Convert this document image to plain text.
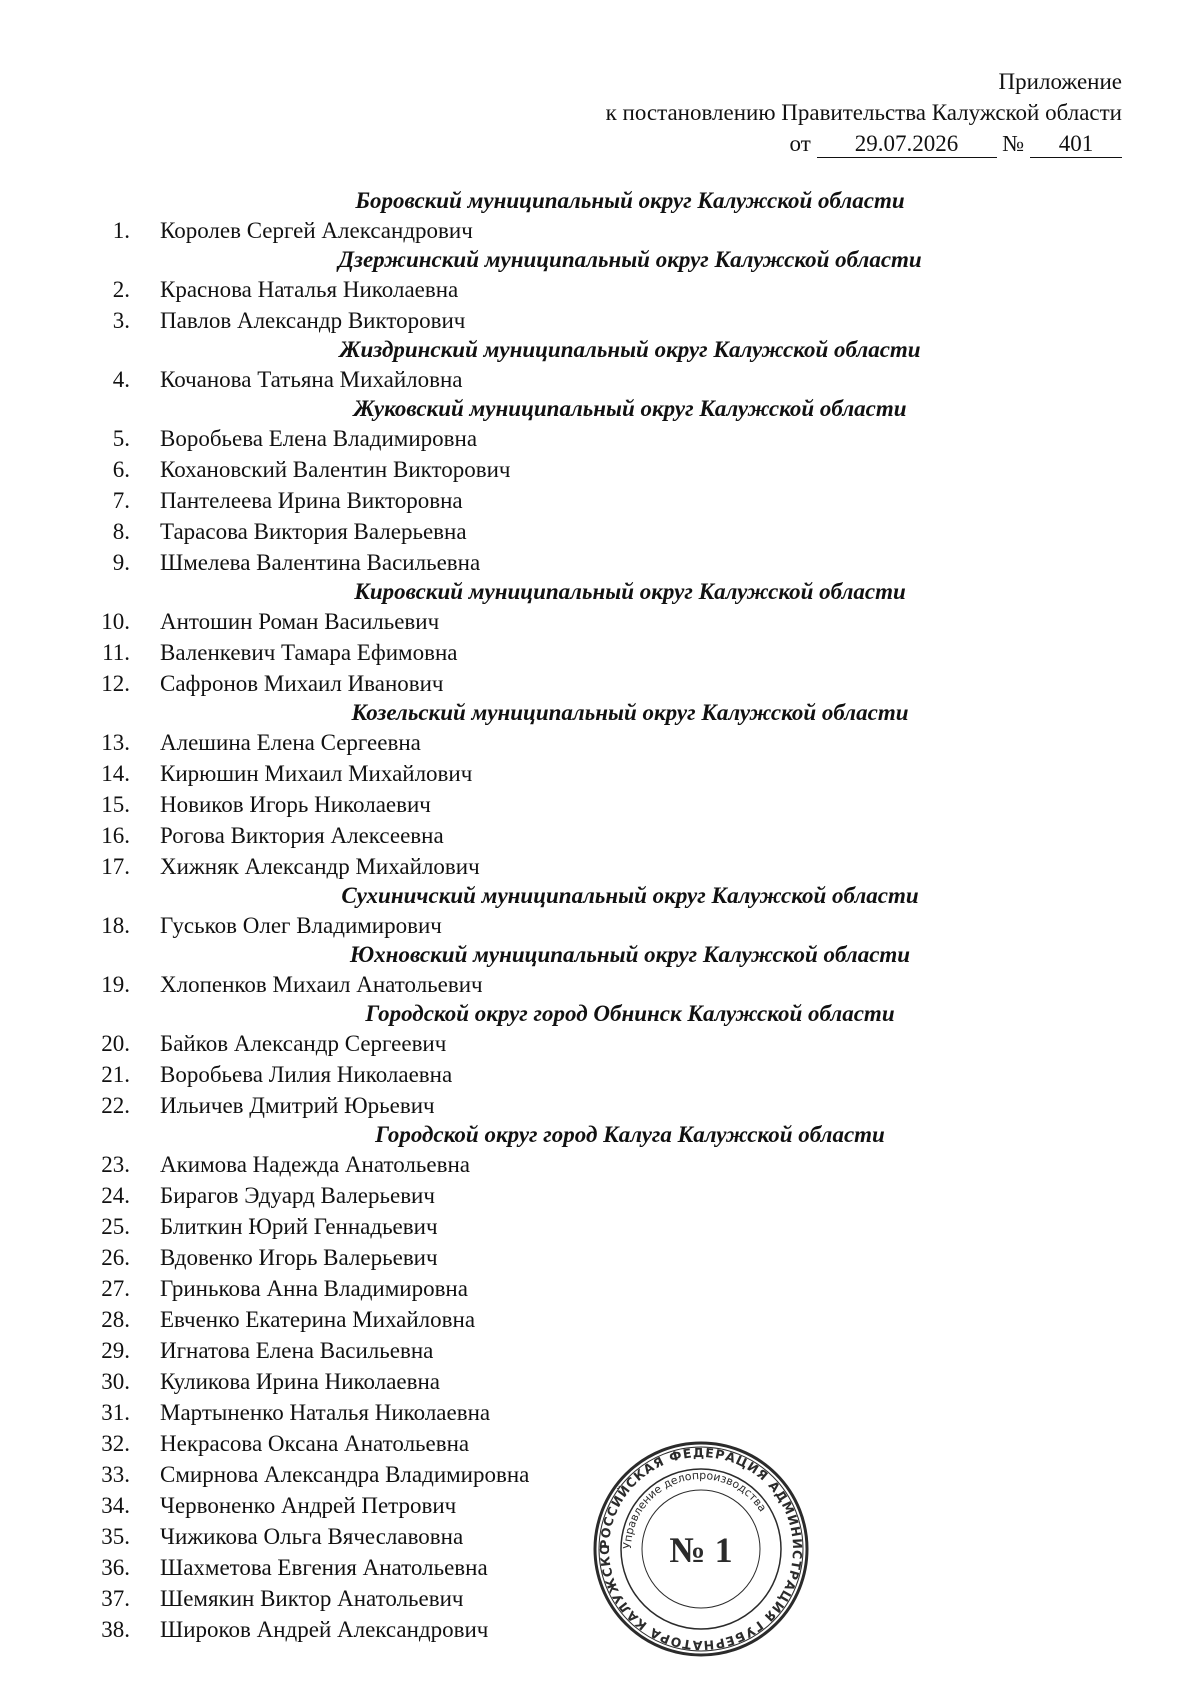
Приложение
к постановлению Правительства Калужской области
от 29.07.2026 № 401
Боровский муниципальный округ Калужской области
1.	Королев Сергей Александрович
Дзержинский муниципальный округ Калужской области
2.	Краснова Наталья Николаевна
3.	Павлов Александр Викторович
Жиздринский муниципальный округ Калужской области
4.	Кочанова Татьяна Михайловна
Жуковский муниципальный округ Калужской области
5.	Воробьева Елена Владимировна
6.	Кохановский Валентин Викторович
7.	Пантелеева Ирина Викторовна
8.	Тарасова Виктория Валерьевна
9.	Шмелева Валентина Васильевна
Кировский муниципальный округ Калужской области
10.	Антошин Роман Васильевич
11.	Валенкевич Тамара Ефимовна
12.	Сафронов Михаил Иванович
Козельский муниципальный округ Калужской области
13.	Алешина Елена Сергеевна
14.	Кирюшин Михаил Михайлович
15.	Новиков Игорь Николаевич
16.	Рогова Виктория Алексеевна
17.	Хижняк Александр Михайлович
Сухиничский муниципальный округ Калужской области
18.	Гуськов Олег Владимирович
Юхновский муниципальный округ Калужской области
19.	Хлопенков Михаил Анатольевич
Городской округ город Обнинск Калужской области
20.	Байков Александр Сергеевич
21.	Воробьева Лилия Николаевна
22.	Ильичев Дмитрий Юрьевич
Городской округ город Калуга Калужской области
23.	Акимова Надежда Анатольевна
24.	Бирагов Эдуард Валерьевич
25.	Блиткин Юрий Геннадьевич
26.	Вдовенко Игорь Валерьевич
27.	Гринькова Анна Владимировна
28.	Евченко Екатерина Михайловна
29.	Игнатова Елена Васильевна
30.	Куликова Ирина Николаевна
31.	Мартыненко Наталья Николаевна
32.	Некрасова Оксана Анатольевна
33.	Смирнова Александра Владимировна
34.	Червоненко Андрей Петрович
35.	Чижикова Ольга Вячеславовна
36.	Шахметова Евгения Анатольевна
37.	Шемякин Виктор Анатольевич
38.	Широков Андрей Александрович
РОССИЙСКАЯ ФЕДЕРАЦИЯ АДМИНИСТРАЦИЯ ГУБЕРНАТОРА КАЛУЖСКО Управление делопроизводства
№ 1
